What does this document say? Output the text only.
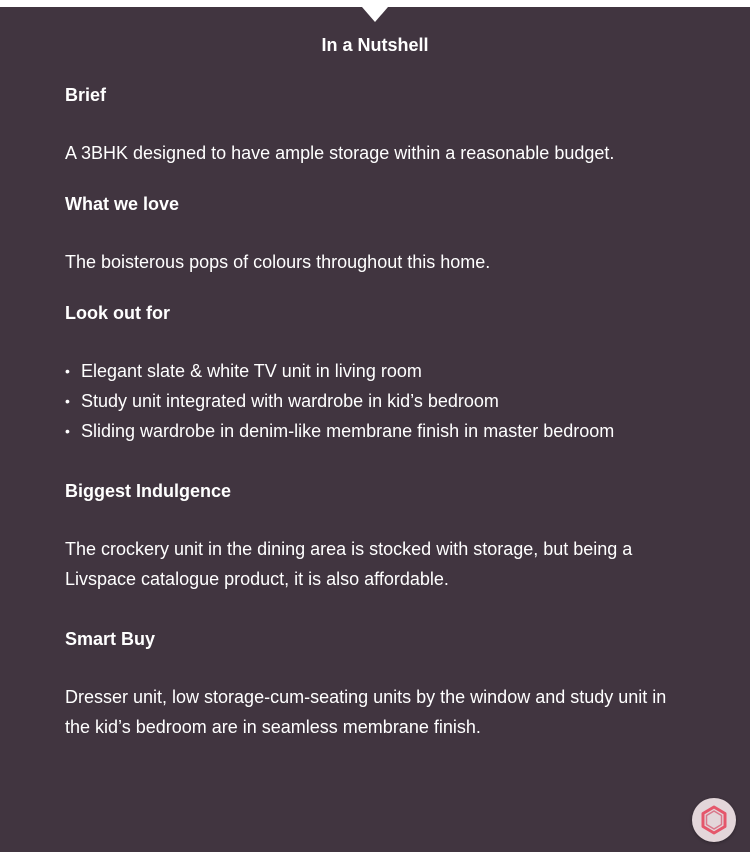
In a Nutshell

Brief

A 3BHK designed to have ample storage within a reasonable budget.

What we love

The boisterous pops of colours throughout this home.

Look out for

• Elegant slate & white TV unit in living room
• Study unit integrated with wardrobe in kid’s bedroom
• Sliding wardrobe in denim-like membrane finish in master bedroom

Biggest Indulgence

The crockery unit in the dining area is stocked with storage, but being a Livspace catalogue product, it is also affordable.

Smart Buy

Dresser unit, low storage-cum-seating units by the window and study unit in the kid’s bedroom are in seamless membrane finish.
